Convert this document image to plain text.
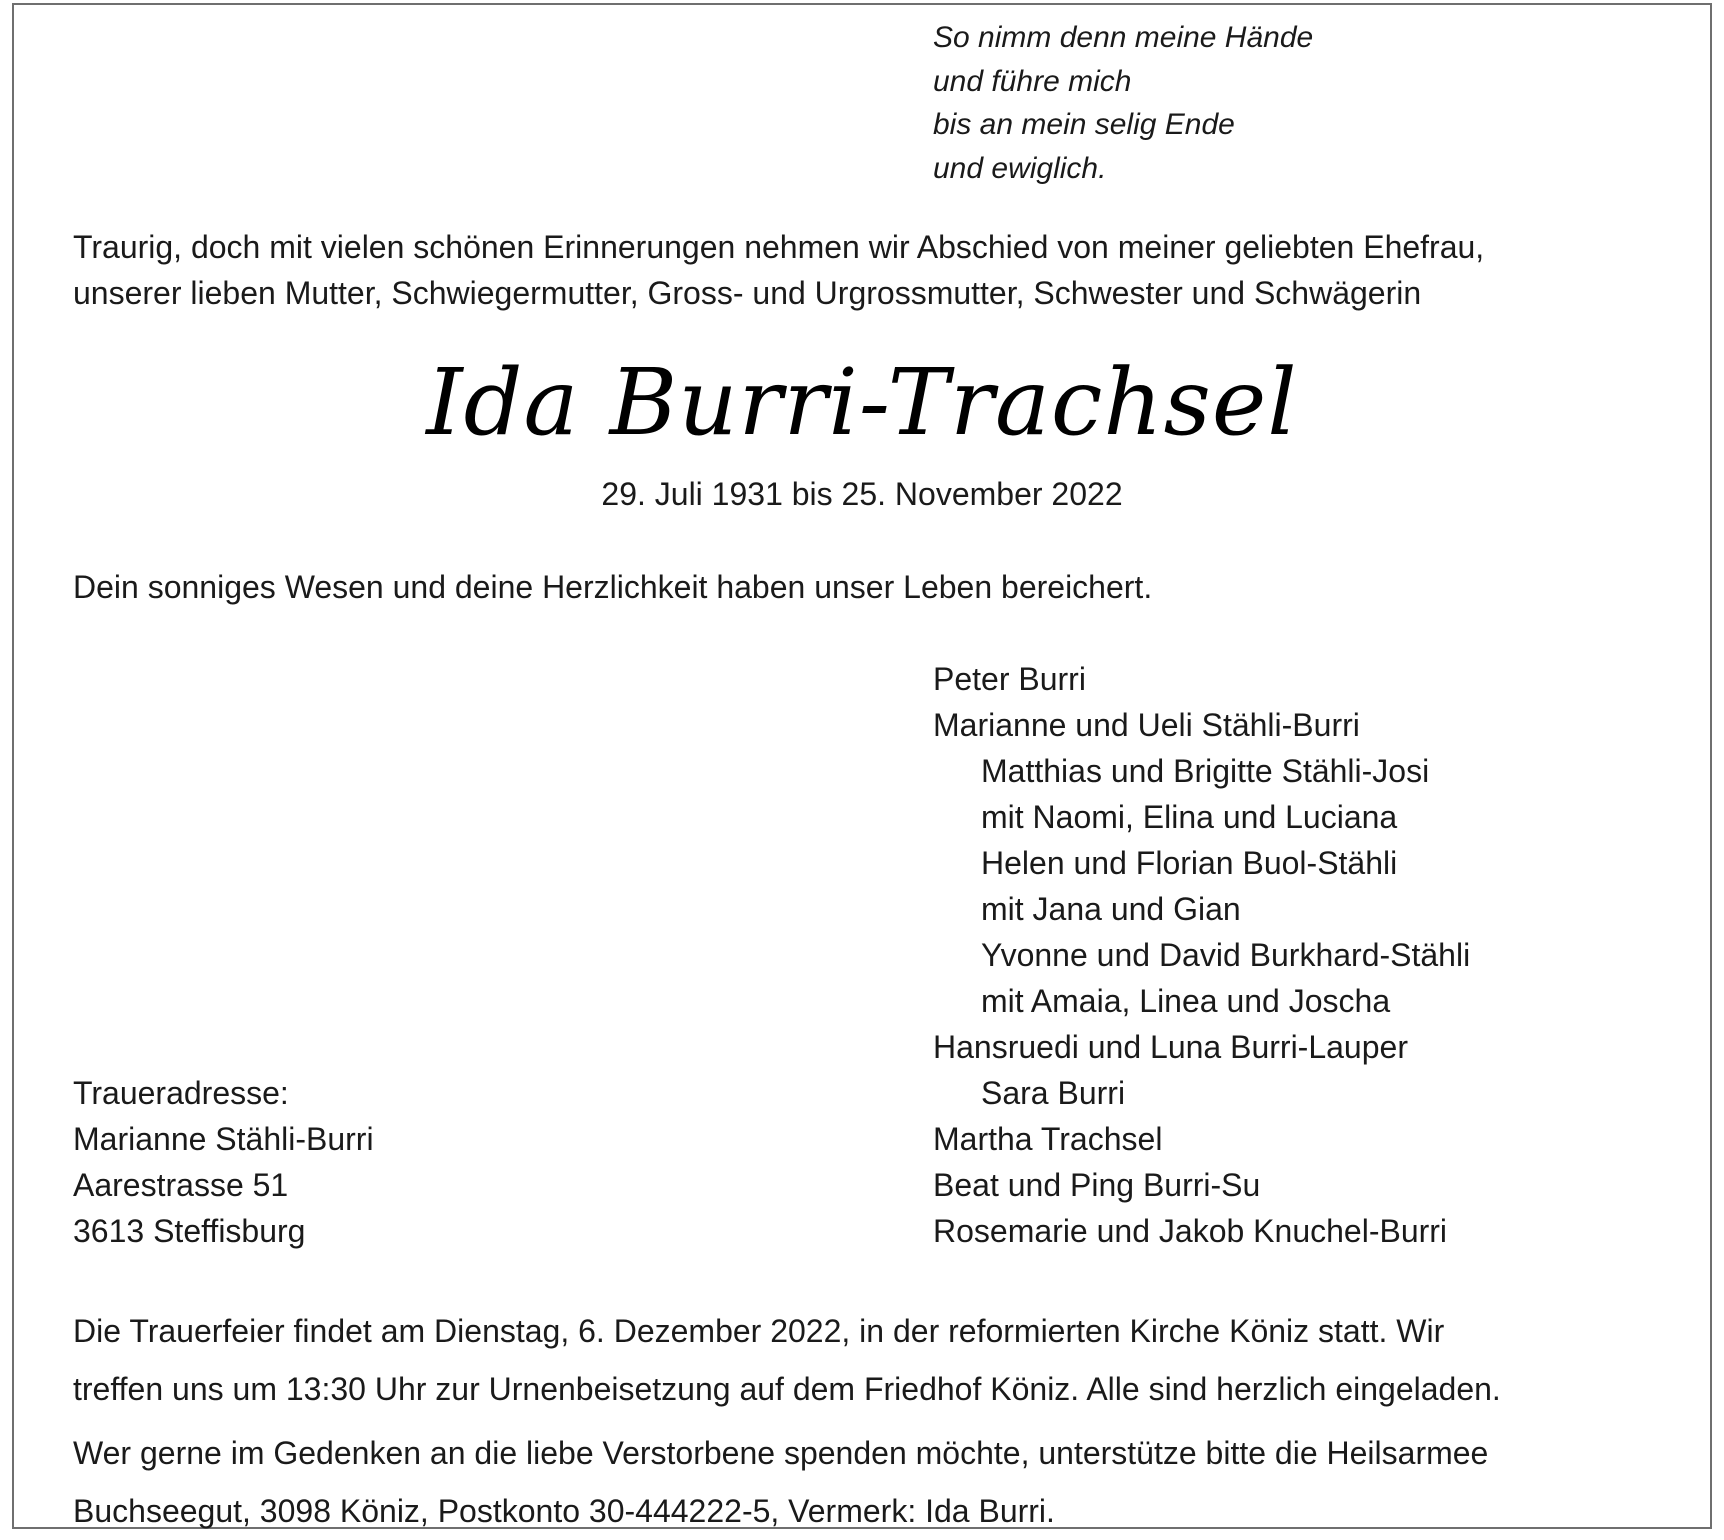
So nimm denn meine Hände
und führe mich
bis an mein selig Ende
und ewiglich.
Traurig, doch mit vielen schönen Erinnerungen nehmen wir Abschied von meiner geliebten Ehefrau,
unserer lieben Mutter, Schwiegermutter, Gross- und Urgrossmutter, Schwester und Schwägerin
Ida Burri-Trachsel
29. Juli 1931 bis 25. November 2022
Dein sonniges Wesen und deine Herzlichkeit haben unser Leben bereichert.
Peter Burri
Marianne und Ueli Stähli-Burri
Matthias und Brigitte Stähli-Josi
mit Naomi, Elina und Luciana
Helen und Florian Buol-Stähli
mit Jana und Gian
Yvonne und David Burkhard-Stähli
mit Amaia, Linea und Joscha
Hansruedi und Luna Burri-Lauper
Sara Burri
Martha Trachsel
Beat und Ping Burri-Su
Rosemarie und Jakob Knuchel-Burri
Traueradresse:
Marianne Stähli-Burri
Aarestrasse 51
3613 Steffisburg
Die Trauerfeier findet am Dienstag, 6. Dezember 2022, in der reformierten Kirche Köniz statt. Wir
treffen uns um 13:30 Uhr zur Urnenbeisetzung auf dem Friedhof Köniz. Alle sind herzlich eingeladen.
Wer gerne im Gedenken an die liebe Verstorbene spenden möchte, unterstütze bitte die Heilsarmee
Buchseegut, 3098 Köniz, Postkonto 30-444222-5, Vermerk: Ida Burri.
